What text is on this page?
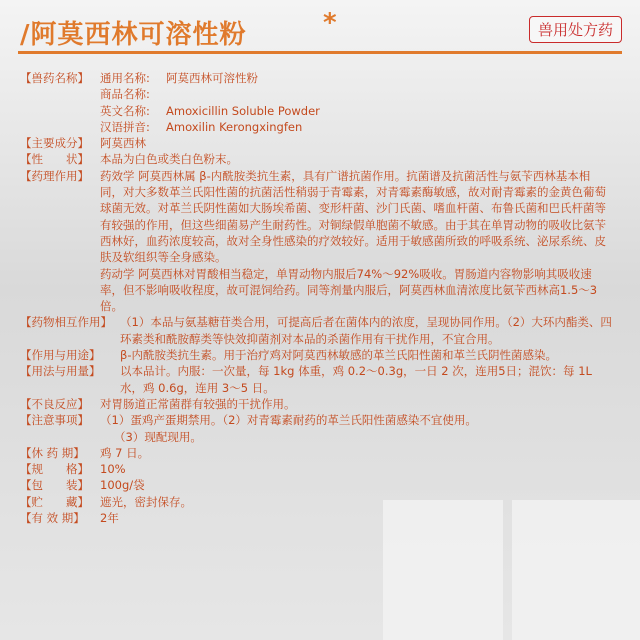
/阿莫西林可溶性粉	*	兽用处方药
【兽药名称】 通用名称:	阿莫西林可溶性粉
商品名称:
英文名称:	Amoxicillin Soluble Powder
汉语拼音:	Amoxilin Kerongxingfen
【主要成分】 阿莫西林
【性　　状】 本品为白色或类白色粉末。
【药理作用】 药效学 阿莫西林属 β-内酰胺类抗生素，具有广谱抗菌作用。抗菌谱及抗菌活性与氨苄西林基本相同，对大多数革兰氏阳性菌的抗菌活性稍弱于青霉素，对青霉素酶敏感，故对耐青霉素的金黄色葡萄球菌无效。对革兰氏阴性菌如大肠埃希菌、变形杆菌、沙门氏菌、嗜血杆菌、布鲁氏菌和巴氏杆菌等有较强的作用，但这些细菌易产生耐药性。对铜绿假单胞菌不敏感。由于其在单胃动物的吸收比氨苄西林好，血药浓度较高，故对全身性感染的疗效较好。适用于敏感菌所致的呼吸系统、泌尿系统、皮肤及软组织等全身感染。
药动学 阿莫西林对胃酸相当稳定，单胃动物内服后74%～92%吸收。胃肠道内容物影响其吸收速率，但不影响吸收程度，故可混饲给药。同等剂量内服后，阿莫西林血清浓度比氨苄西林高1.5～3倍。
【药物相互作用】 （1）本品与氨基糖苷类合用，可提高后者在菌体内的浓度，呈现协同作用。（2）大环内酯类、四环素类和酰胺醇类等快效抑菌剂对本品的杀菌作用有干扰作用，不宜合用。
【作用与用途】	β-内酰胺类抗生素。用于治疗鸡对阿莫西林敏感的革兰氏阳性菌和革兰氏阴性菌感染。
【用法与用量】	以本品计。内服：一次量，每 1kg 体重，鸡 0.2～0.3g，一日 2 次，连用5日；混饮：每 1L 水，鸡 0.6g，连用 3～5 日。
【不良反应】 对胃肠道正常菌群有较强的干扰作用。
【注意事项】 （1）蛋鸡产蛋期禁用。（2）对青霉素耐药的革兰氏阳性菌感染不宜使用。
（3）现配现用。
【休 药 期】	鸡 7 日。
【规　　格】 10%
【包　　装】 100g/袋
【贮　　藏】 遮光，密封保存。
【有 效 期】	2年
